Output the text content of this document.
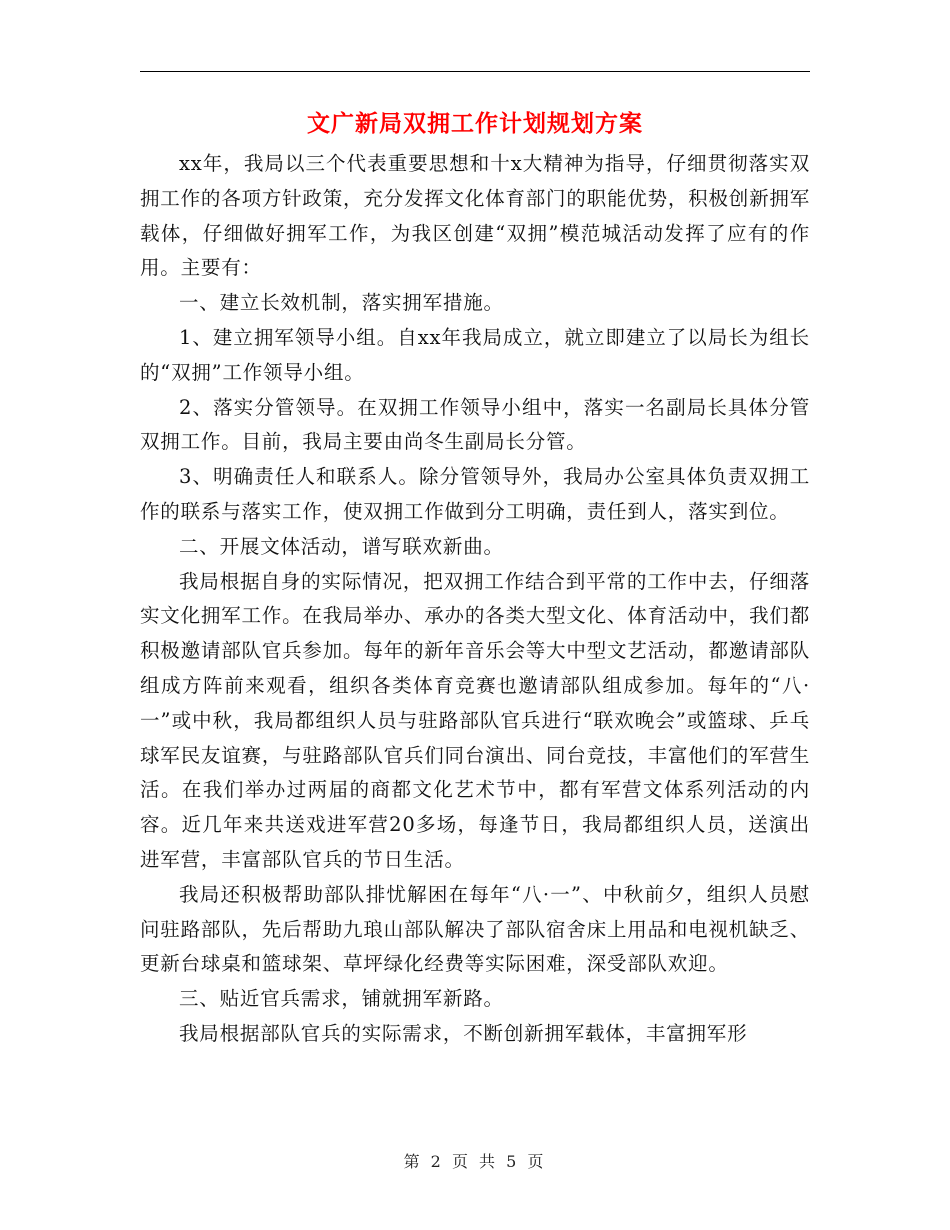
文广新局双拥工作计划规划方案

xx年，我局以三个代表重要思想和十x大精神为指导，仔细贯彻落实双拥工作的各项方针政策，充分发挥文化体育部门的职能优势，积极创新拥军载体，仔细做好拥军工作，为我区创建“双拥”模范城活动发挥了应有的作用。主要有：

一、建立长效机制，落实拥军措施。

1、建立拥军领导小组。自xx年我局成立，就立即建立了以局长为组长的“双拥”工作领导小组。

2、落实分管领导。在双拥工作领导小组中，落实一名副局长具体分管双拥工作。目前，我局主要由尚冬生副局长分管。

3、明确责任人和联系人。除分管领导外，我局办公室具体负责双拥工作的联系与落实工作，使双拥工作做到分工明确，责任到人，落实到位。

二、开展文体活动，谱写联欢新曲。

我局根据自身的实际情况，把双拥工作结合到平常的工作中去，仔细落实文化拥军工作。在我局举办、承办的各类大型文化、体育活动中，我们都积极邀请部队官兵参加。每年的新年音乐会等大中型文艺活动，都邀请部队组成方阵前来观看，组织各类体育竞赛也邀请部队组成参加。每年的“八·一”或中秋，我局都组织人员与驻路部队官兵进行“联欢晚会”或篮球、乒乓球军民友谊赛，与驻路部队官兵们同台演出、同台竞技，丰富他们的军营生活。在我们举办过两届的商都文化艺术节中，都有军营文体系列活动的内容。近几年来共送戏进军营20多场，每逢节日，我局都组织人员，送演出进军营，丰富部队官兵的节日生活。

我局还积极帮助部队排忧解困在每年“八·一”、中秋前夕，组织人员慰问驻路部队，先后帮助九琅山部队解决了部队宿舍床上用品和电视机缺乏、更新台球桌和篮球架、草坪绿化经费等实际困难，深受部队欢迎。

三、贴近官兵需求，铺就拥军新路。

我局根据部队官兵的实际需求，不断创新拥军载体，丰富拥军形

第 2 页 共 5 页
